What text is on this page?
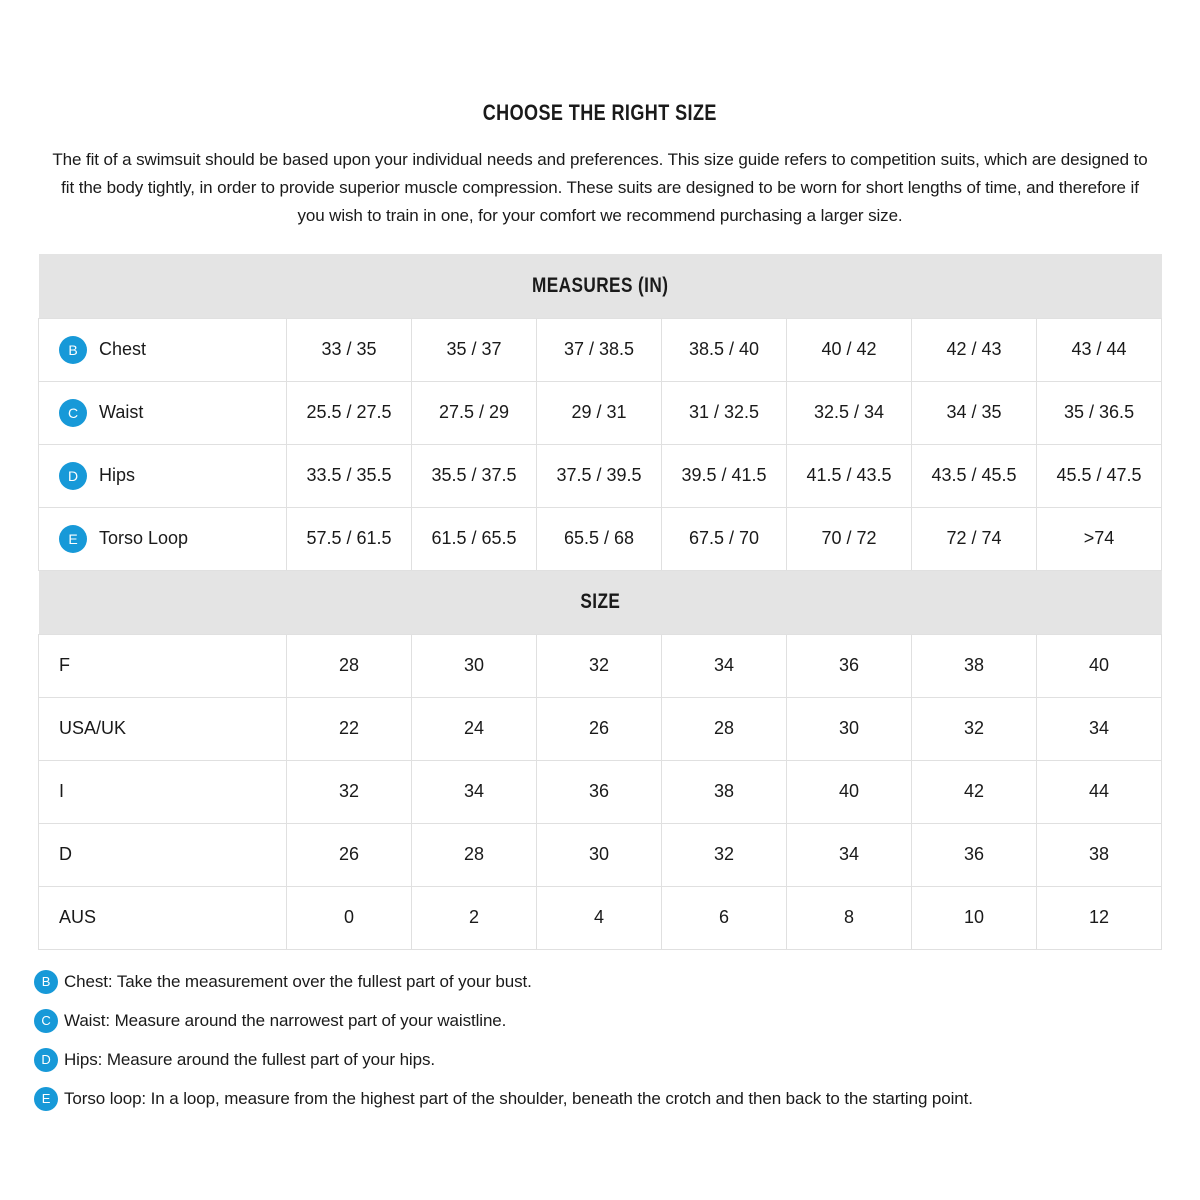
CHOOSE THE RIGHT SIZE

The fit of a swimsuit should be based upon your individual needs and preferences. This size guide refers to competition suits, which are designed to fit the body tightly, in order to provide superior muscle compression. These suits are designed to be worn for short lengths of time, and therefore if you wish to train in one, for your comfort we recommend purchasing a larger size.

MEASURES (IN)							

B Chest	33 / 35	35 / 37	37 / 38.5	38.5 / 40	40 / 42	42 / 43	43 / 44

C Waist	25.5 / 27.5	27.5 / 29	29 / 31	31 / 32.5	32.5 / 34	34 / 35	35 / 36.5

D Hips	33.5 / 35.5	35.5 / 37.5	37.5 / 39.5	39.5 / 41.5	41.5 / 43.5	43.5 / 45.5	45.5 / 47.5

E Torso Loop	57.5 / 61.5	61.5 / 65.5	65.5 / 68	67.5 / 70	70 / 72	72 / 74	>74
SIZE							
F	28	30	32	34	36	38	40
USA/UK	22	24	26	28	30	32	34
I	32	34	36	38	40	42	44
D	26	28	30	32	34	36	38
AUS	0	2	4	6	8	10	12
B Chest: Take the measurement over the fullest part of your bust.
C Waist: Measure around the narrowest part of your waistline.
D Hips: Measure around the fullest part of your hips.
E Torso loop: In a loop, measure from the highest part of the shoulder, beneath the crotch and then back to the starting point.
